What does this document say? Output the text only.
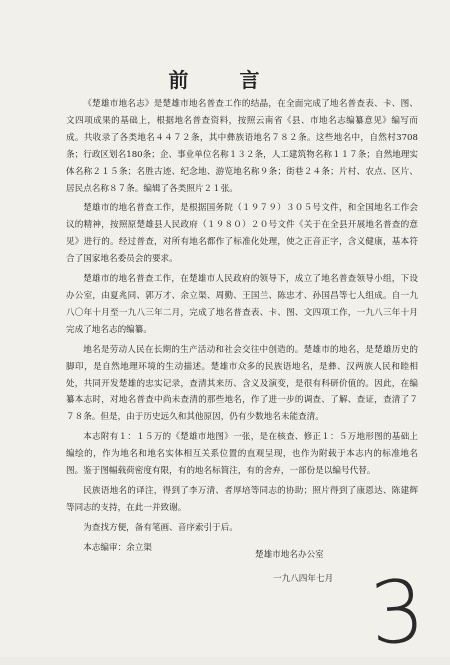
前 言

《楚雄市地名志》是楚雄市地名普查工作的结晶，在全面完成了地名普查表、卡、图、文四项成果的基础上，根据地名普查资料，按照云南省《县、市地名志编纂意见》编写而成。共收录了各类地名４４７２条，其中彝族语地名７８２条。这些地名中，自然村3708条；行政区划名180条；企、事业单位名称１３２条，人工建筑物名称１１７条；自然地理实体名称２１５条；名胜古迹、纪念地、游览地名称９条；街巷２４条；片村、农点、区片、居民点名称８７条。编辑了各类照片２１张。

楚雄市的地名普查工作，是根据国务院（１９７９）３０５号文件，和全国地名工作会议的精神，按照原楚雄县人民政府（１９８０）２０号文件《关于在全县开展地名普查的意见》进行的。经过普查，对所有地名都作了标准化处理，使之正音正字，含义健康，基本符合了国家地名委员会的要求。

楚雄市的地名普查工作，在楚雄市人民政府的领导下，成立了地名普查领导小组，下设办公室，由夏兆同、郭万才、余立渠、周勤、王国兰、陈忠才、孙国昌等七人组成。自一九八〇年十月至一九八三年二月，完成了地名普查表、卡、图、文四项工作，一九八三年十月完成了地名志的编纂。

地名是劳动人民在长期的生产活动和社会交往中创造的。楚雄市的地名，是楚雄历史的脚印，是自然地理环境的生动描述。楚雄市众多的民族语地名，是彝、汉两族人民和睦相处，共同开发楚雄的忠实记录，查清其来历、含义及演变，是很有科研价值的。因此，在编纂本志时，对地名普查中尚未查清的那些地名，作了进一步的调查、了解、查证，查清了７７８条。但是，由于历史远久和其他原因，仍有少数地名未能查清。

本志附有１：１５万的《楚雄市地图》一张，是在核查、修正１：５万地形图的基础上编绘的，作为地名和地名实体相互关系位置的直观呈现，也作为附载于本志内的标准地名图。鉴于图幅载荷密度有限，有的地名标简注，有的舍弃，一部份是以编号代替。

民族语地名的译注，得到了李万清、者厚培等同志的协助；照片得到了康恩达、陈建辉等同志的支持，在此一并致谢。

为查找方便，备有笔画、音序索引于后。

本志编审：余立渠

楚雄市地名办公室

一九八四年七月 3
